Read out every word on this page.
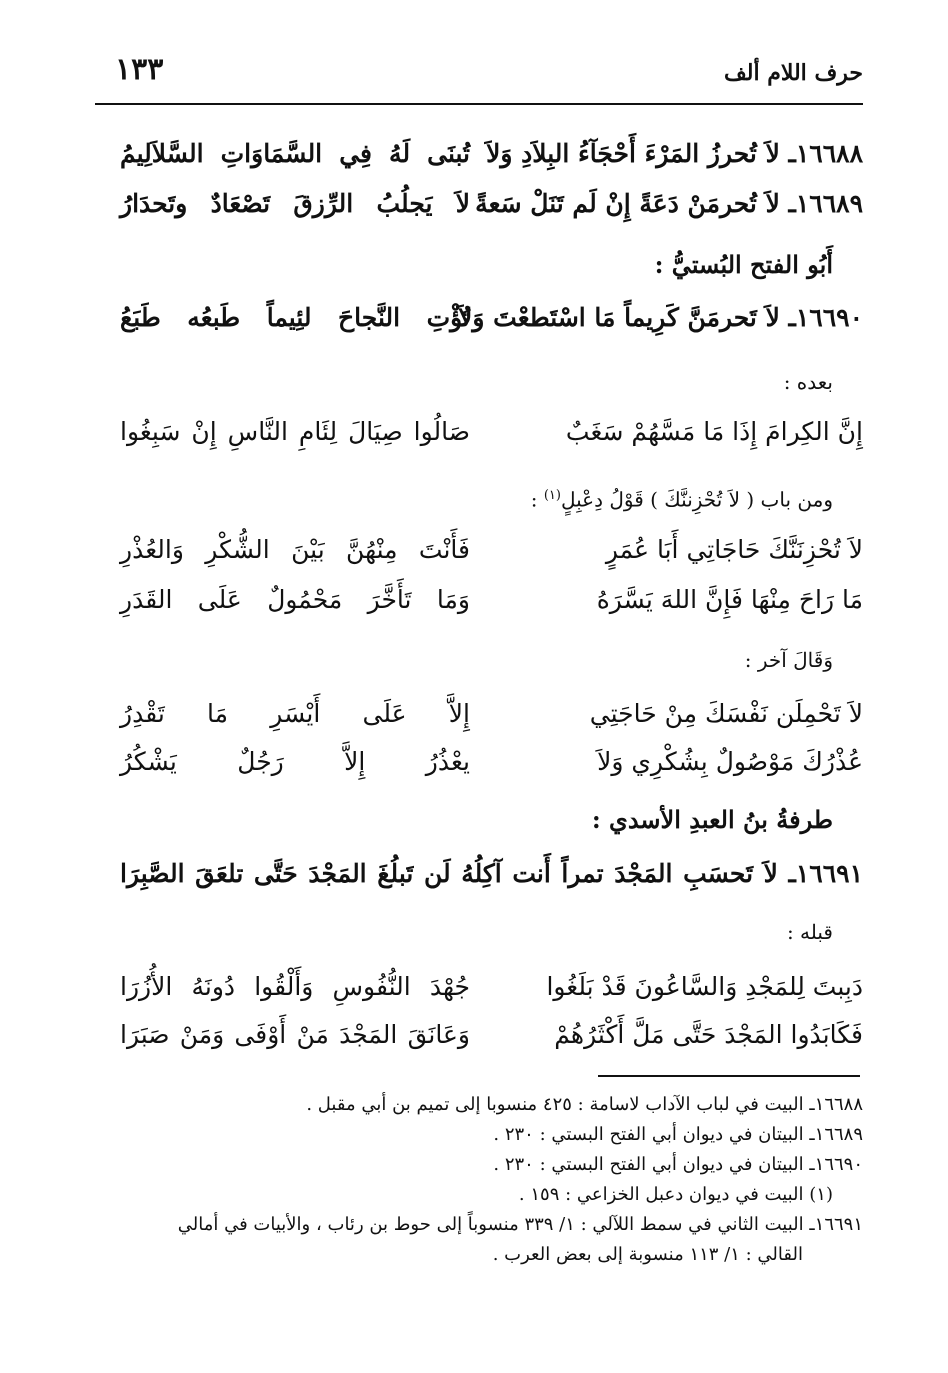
حرف اللام ألف
١٣٣
١٦٦٨٨ـ لاَ تُحرزُ المَرْءَ أَحْجَآءُ البِلاَدِ وَلاَ
تُبنَى لَهُ فِي السَّمَاوَاتِ السَّلاَلِيمُ
١٦٦٨٩ـ لاَ تُحرمَنْ دَعَةً إِنْ لَم تَنَلْ سَعةً
لاَ يَجلُبُ الرِّزقَ تَصْعَادٌ وتَحدَارُ
أَبُو الفتح البُستيُّ :
١٦٦٩٠ـ لاَ تَحرمَنَّ كَرِيماً مَا اسْتَطعْتَ وَلاَ
تُؤْتِ النَّجاحَ لئِيماً طَبعُه طَبَعُ
بعده :
إِنَّ الكِرامَ إِذَا مَا مَسَّهُمْ سَغَبٌ
صَالُوا صِيَالَ لِئَامِ النَّاسِ إِنْ سَبِغُوا
ومن باب ( لاَ تُحْزِننَّكَ ) قَوْلُ دِعْبِلٍ$^{(١)}$ :
لاَ تُحْزِنَنَّكَ حَاجَاتِي أَبَا عُمَرٍ
فَأَنْتَ مِنْهُنَّ بَيْنَ الشُّكْرِ وَالعُذْرِ
مَا رَاحَ مِنْهَا فَإِنَّ اللهَ يَسَّرَهُ
وَمَا تَأَخَّرَ مَحْمُولٌ عَلَى القَدَرِ
وَقَالَ آخر :
لاَ تَحْمِلَن نَفْسَكَ مِنْ حَاجَتِي
إِلاَّ عَلَى أَيْسَرِ مَا تَقْدِرُ
عُذْرُكَ مَوْصُولٌ بِشُكْرِي وَلاَ
يعْذُرُ إِلاَّ رَجُلٌ يَشْكُرُ
طرفةُ بنُ العبدِ الأسدي :
١٦٦٩١ـ لاَ تَحسَبِ المَجْدَ تمراً أَنت آكِلُهُ لَن تَبلُغَ المَجْدَ حَتَّى تلعَقَ الصَّبِرَا
قبله :
دَبِبتَ لِلمَجْدِ وَالسَّاعُونَ قَدْ بَلَغُوا
جُهْدَ النُّفُوسِ وَأَلْقُوا دُونَهُ الأُزُرَا
فَكَابَدُوا المَجْدَ حَتَّى مَلَّ أَكْثَرُهُمْ
وَعَانَقَ المَجْدَ مَنْ أَوْفَى وَمَنْ صَبَرَا
١٦٦٨٨ـ البيت في لباب الآداب لاسامة : ٤٢٥ منسوبا إلى تميم بن أبي مقبل .
١٦٦٨٩ـ البيتان في ديوان أبي الفتح البستي : ٢٣٠ .
١٦٦٩٠ـ البيتان في ديوان أبي الفتح البستي : ٢٣٠ .
(١) البيت في ديوان دعبل الخزاعي : ١٥٩ .
١٦٦٩١ـ البيت الثاني في سمط اللآلي : ١/ ٣٣٩ منسوباً إلى حوط بن رئاب ، والأبيات في أمالي
القالي : ١/ ١١٣ منسوبة إلى بعض العرب .
